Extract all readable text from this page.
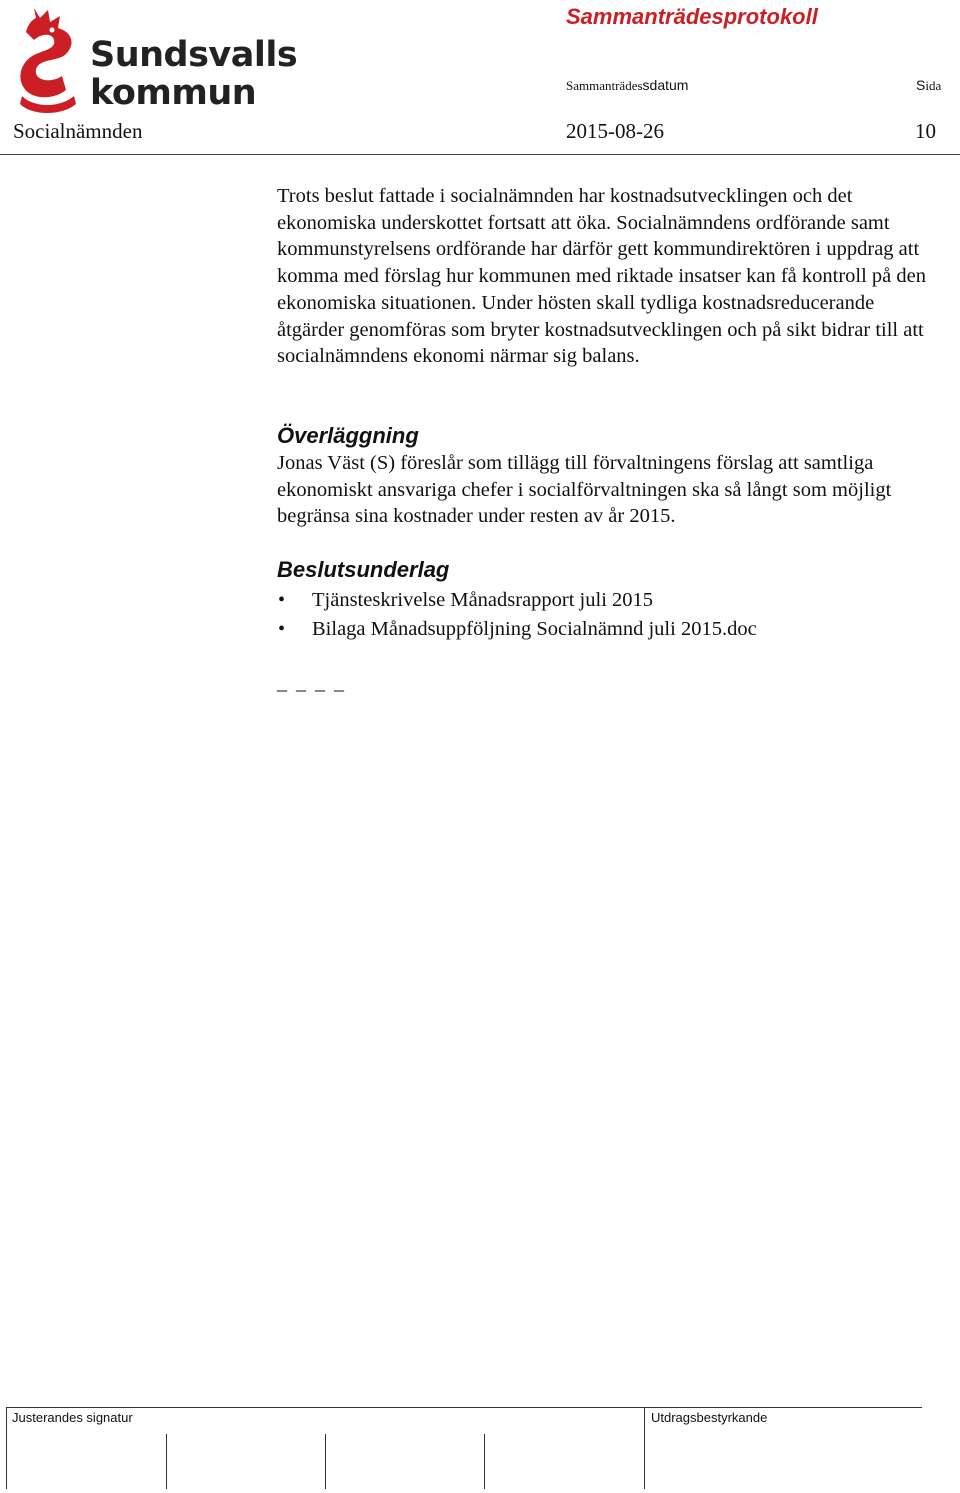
Sundsvalls
kommun
Sammanträdesprotokoll
Sammanträdessdatum	Sida
Socialnämnden	2015-08-26	10

Trots beslut fattade i socialnämnden har kostnadsutvecklingen och det ekonomiska underskottet fortsatt att öka. Socialnämndens ordförande samt kommunstyrelsens ordförande har därför gett kommundirektören i uppdrag att komma med förslag hur kommunen med riktade insatser kan få kontroll på den ekonomiska situationen. Under hösten skall tydliga kostnadsreducerande åtgärder genomföras som bryter kostnadsutvecklingen och på sikt bidrar till att socialnämndens ekonomi närmar sig balans.

Överläggning

Jonas Väst (S) föreslår som tillägg till förvaltningens förslag att samtliga ekonomiskt ansvariga chefer i socialförvaltningen ska så långt som möjligt begränsa sina kostnader under resten av år 2015.

Beslutsunderlag
• Tjänsteskrivelse Månadsrapport juli 2015
• Bilaga Månadsuppföljning Socialnämnd juli 2015.doc
_ _ _ _
Justerandes signatur	Utdragsbestyrkande
